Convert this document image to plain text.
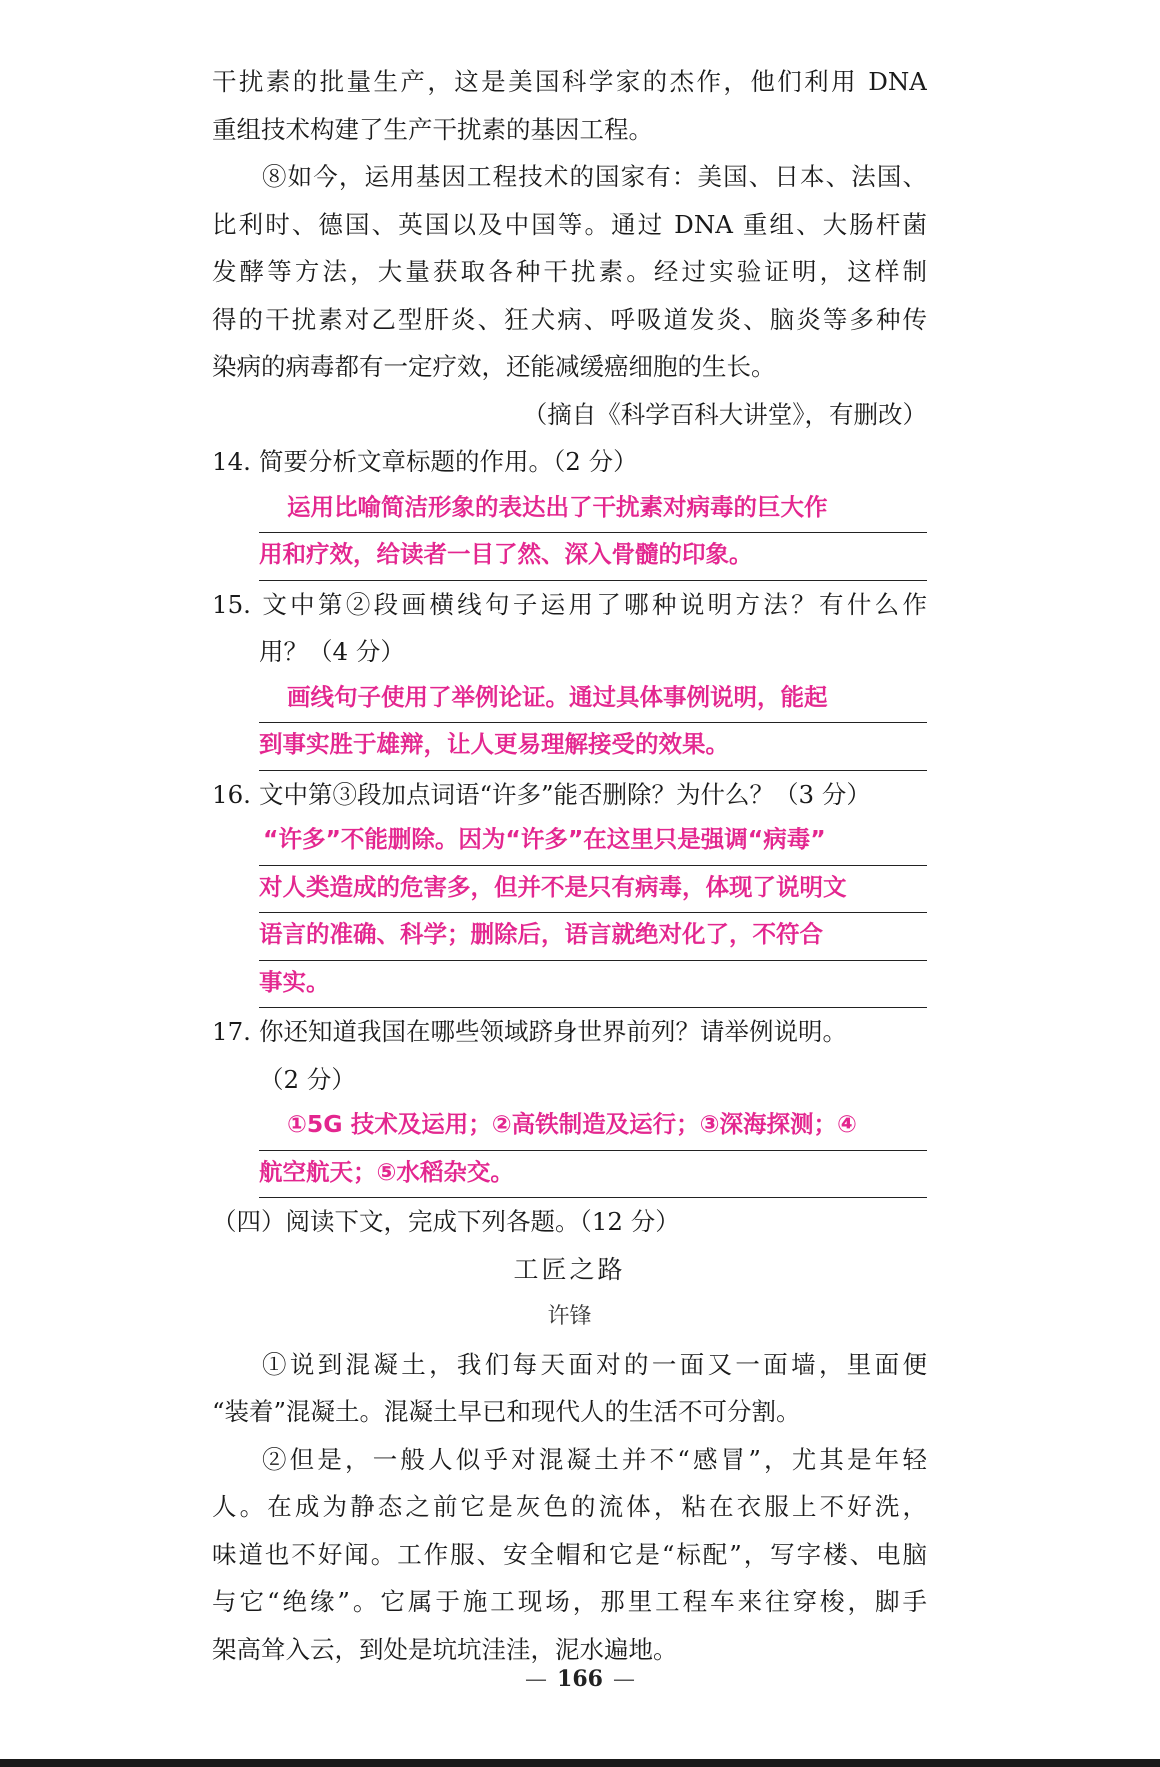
干扰素的批量生产，这是美国科学家的杰作，他们利用 DNA
重组技术构建了生产干扰素的基因工程。
⑧如今，运用基因工程技术的国家有：美国、日本、法国、
比利时、德国、英国以及中国等。通过 DNA 重组、大肠杆菌
发酵等方法，大量获取各种干扰素。经过实验证明，这样制
得的干扰素对乙型肝炎、狂犬病、呼吸道发炎、脑炎等多种传
染病的病毒都有一定疗效，还能减缓癌细胞的生长。
（摘自《科学百科大讲堂》，有删改）
14. 简要分析文章标题的作用。（2 分）
运用比喻简洁形象的表达出了干扰素对病毒的巨大作
用和疗效，给读者一目了然、深入骨髓的印象。
15. 文中第②段画横线句子运用了哪种说明方法？有什么作
用？（4 分）
画线句子使用了举例论证。通过具体事例说明，能起
到事实胜于雄辩，让人更易理解接受的效果。
16. 文中第③段加点词语“许多”能否删除？为什么？（3 分）
“许多”不能删除。因为“许多”在这里只是强调“病毒”
对人类造成的危害多，但并不是只有病毒，体现了说明文
语言的准确、科学；删除后，语言就绝对化了，不符合
事实。
17. 你还知道我国在哪些领域跻身世界前列？请举例说明。
（2 分）
①5G 技术及运用；②高铁制造及运行；③深海探测；④
航空航天；⑤水稻杂交。
（四）阅读下文，完成下列各题。（12 分）
工匠之路
许锋
①说到混凝土，我们每天面对的一面又一面墙，里面便
“装着”混凝土。混凝土早已和现代人的生活不可分割。
②但是，一般人似乎对混凝土并不“感冒”，尤其是年轻
人。在成为静态之前它是灰色的流体，粘在衣服上不好洗，
味道也不好闻。工作服、安全帽和它是“标配”，写字楼、电脑
与它“绝缘”。它属于施工现场，那里工程车来往穿梭，脚手
架高耸入云，到处是坑坑洼洼，泥水遍地。
— 166 —
